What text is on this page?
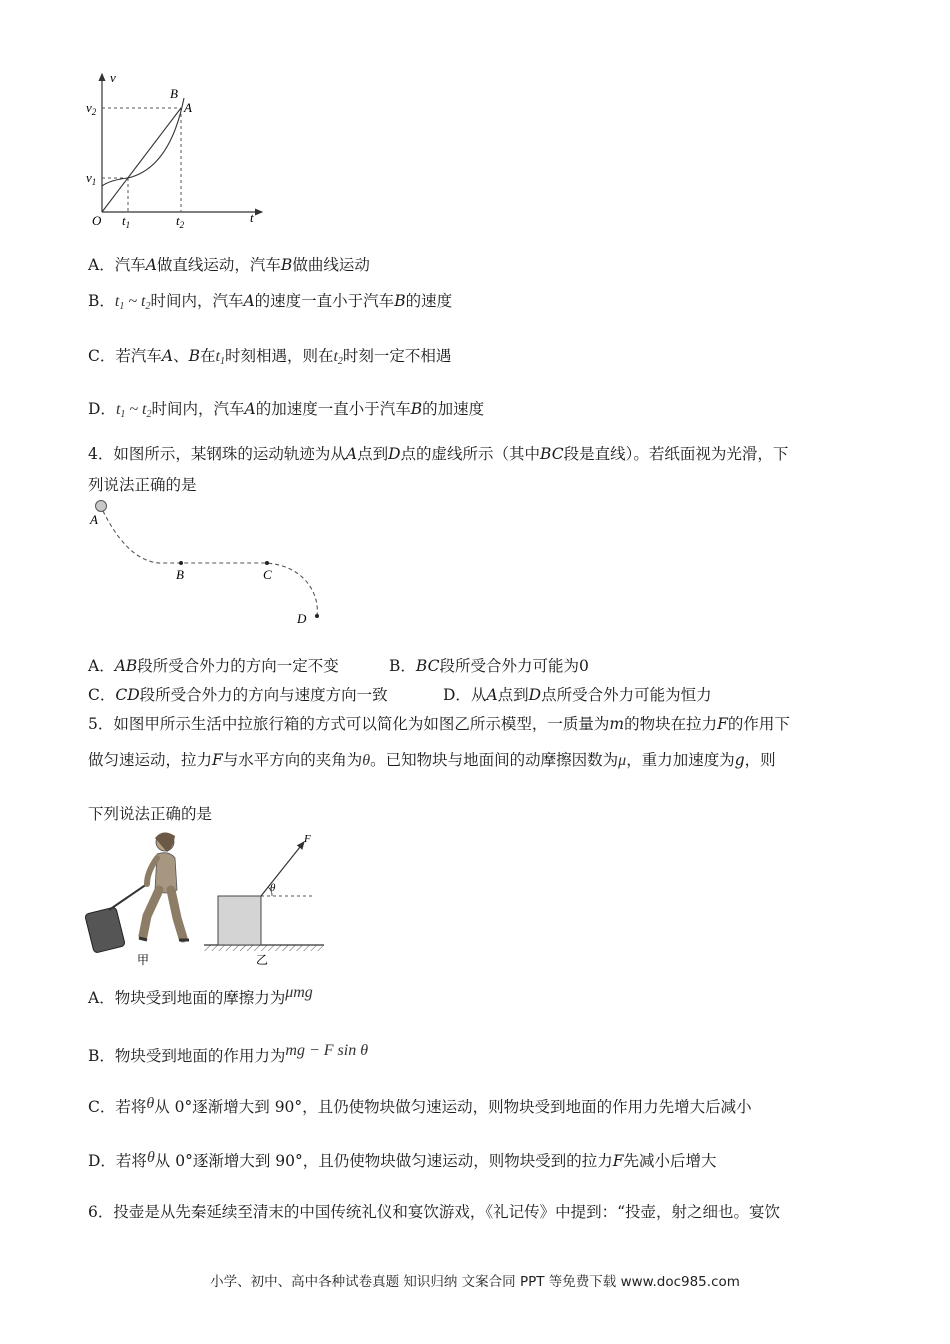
v
t
O
$v_2$
$v_1$
$t_1$	$t_2$
B
A
A．汽车A做直线运动，汽车B做曲线运动
B．$t_1$ ~ $t_2$时间内，汽车A的速度一直小于汽车B的速度
C．若汽车A、B在$t_1$时刻相遇，则在$t_2$时刻一定不相遇
D．$t_1$ ~ $t_2$时间内，汽车A的加速度一直小于汽车B的加速度
4．如图所示，某钢珠的运动轨迹为从A点到D点的虚线所示（其中BC段是直线）。若纸面视为光滑，下
列说法正确的是
A
B	C
D
A．AB段所受合外力的方向一定不变	B．BC段所受合外力可能为0
C．CD段所受合外力的方向与速度方向一致	D．从A点到D点所受合外力可能为恒力
5．如图甲所示生活中拉旅行箱的方式可以简化为如图乙所示模型，一质量为m的物块在拉力F的作用下
做匀速运动，拉力F与水平方向的夹角为θ。已知物块与地面间的动摩擦因数为μ，重力加速度为g，则
下列说法正确的是
甲
θ
F
乙
A．物块受到地面的摩擦力为μmg
B．物块受到地面的作用力为mg − F sin θ
C．若将θ从 0°逐渐增大到 90°，且仍使物块做匀速运动，则物块受到地面的作用力先增大后减小
D．若将θ从 0°逐渐增大到 90°，且仍使物块做匀速运动，则物块受到的拉力F先减小后增大
6．投壶是从先秦延续至清末的中国传统礼仪和宴饮游戏，《礼记传》中提到：“投壶，射之细也。宴饮
小学、初中、高中各种试卷真题 知识归纳 文案合同 PPT 等免费下载 www.doc985.com
